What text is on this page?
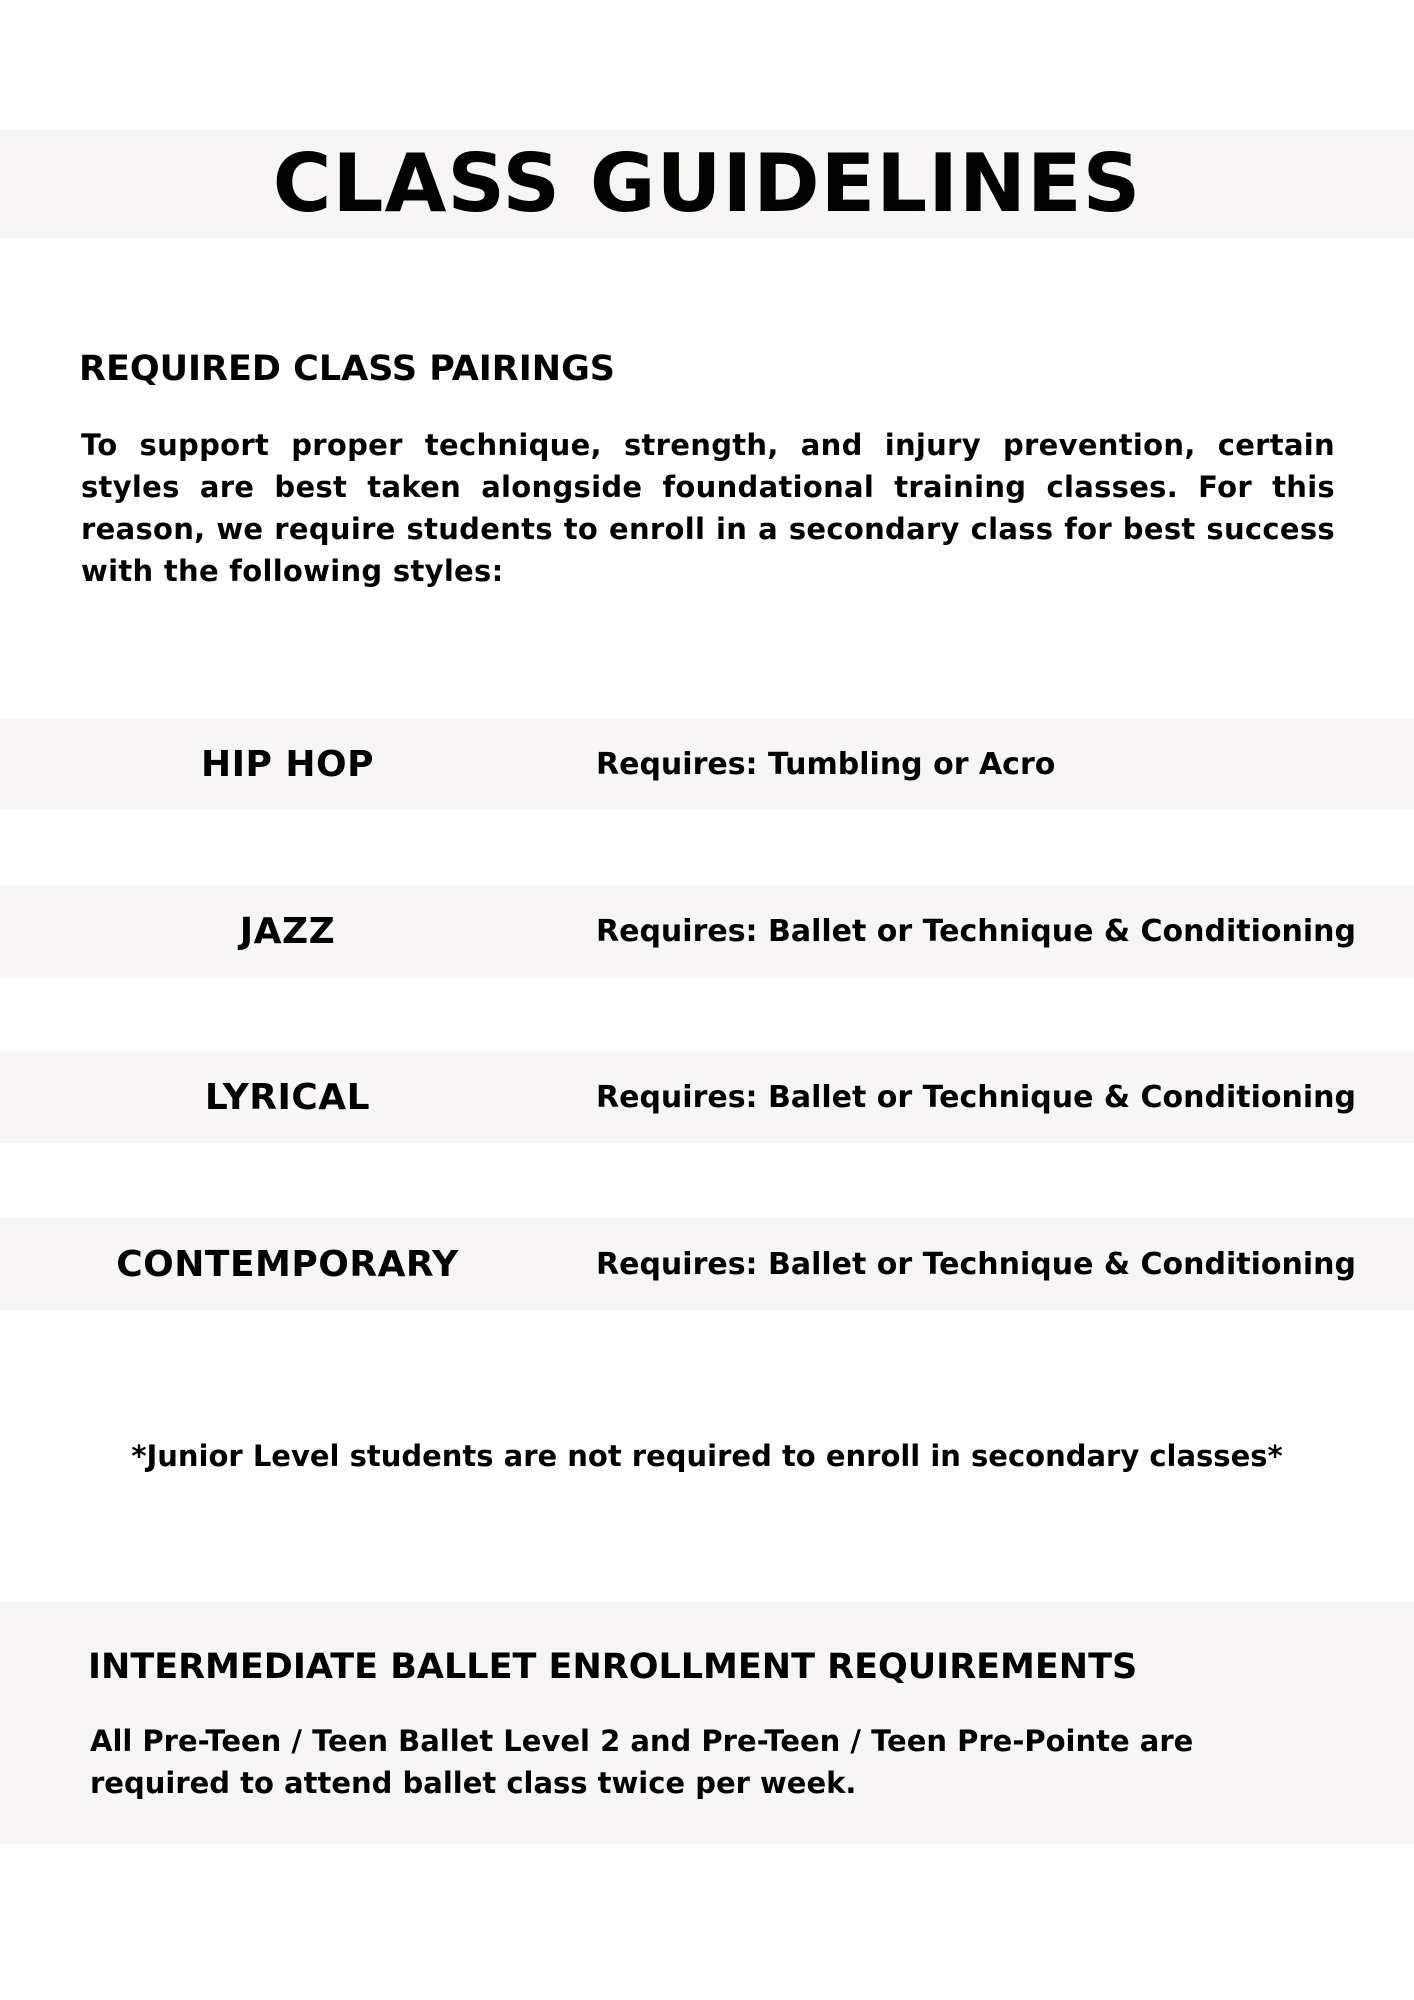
CLASS GUIDELINES
REQUIRED CLASS PAIRINGS

To support proper technique, strength, and injury prevention, certain styles are best taken alongside foundational training classes. For this reason, we require students to enroll in a secondary class for best success with the following styles:

HIP HOP	Requires: Tumbling or Acro
JAZZ	Requires: Ballet or Technique & Conditioning
LYRICAL	Requires: Ballet or Technique & Conditioning
CONTEMPORARY	Requires: Ballet or Technique & Conditioning

*Junior Level students are not required to enroll in secondary classes*

INTERMEDIATE BALLET ENROLLMENT REQUIREMENTS

All Pre-Teen / Teen Ballet Level 2 and Pre-Teen / Teen Pre-Pointe are required to attend ballet class twice per week.
